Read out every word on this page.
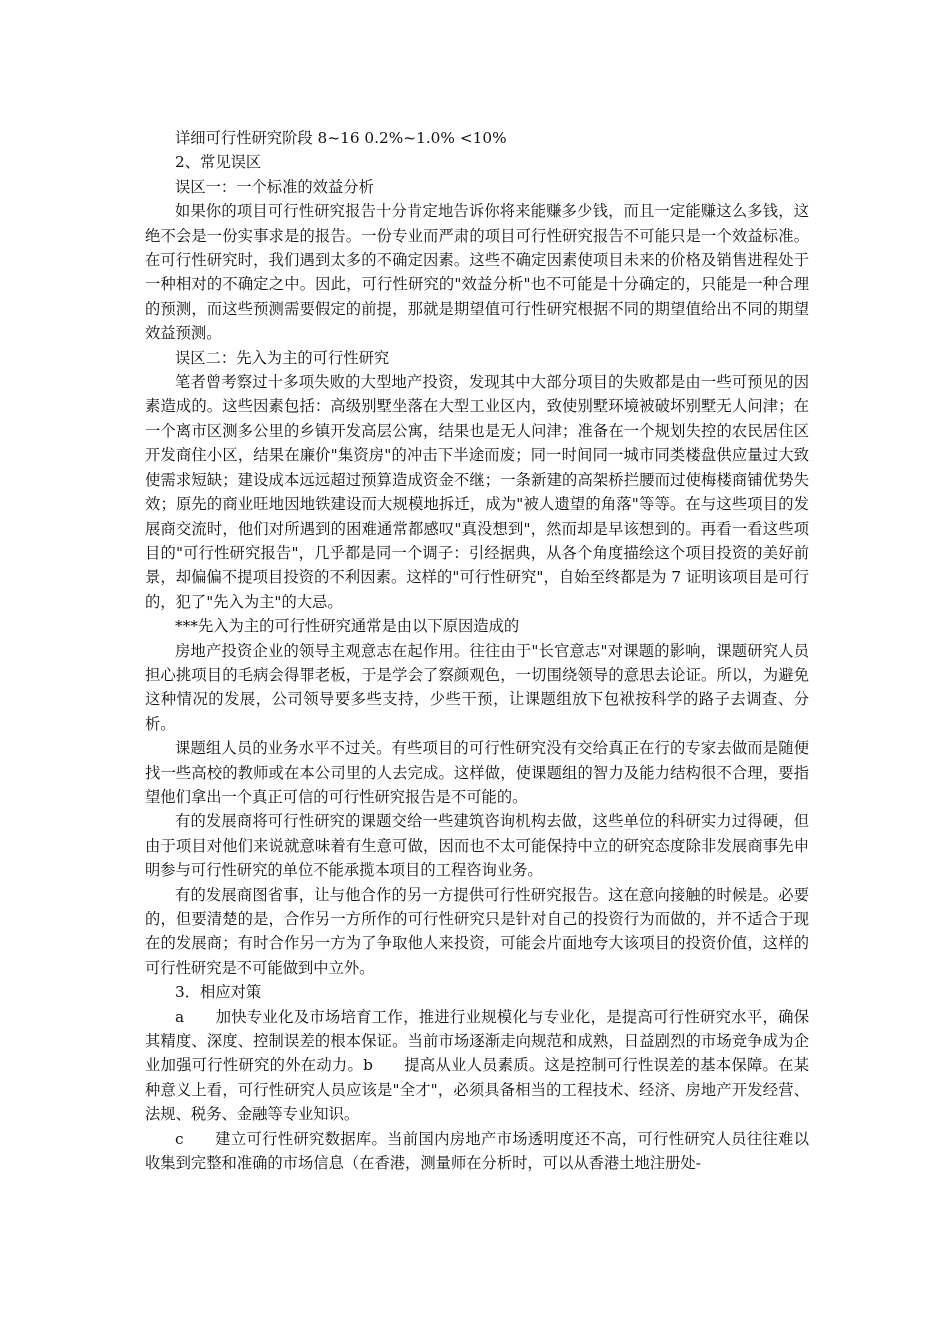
详细可行性研究阶段 8~16 0.2%~1.0% <10%

2、常见误区

误区一：一个标准的效益分析

如果你的项目可行性研究报告十分肯定地告诉你将来能赚多少钱，而且一定能赚这么多钱，这绝不会是一份实事求是的报告。一份专业而严肃的项目可行性研究报告不可能只是一个效益标准。在可行性研究时，我们遇到太多的不确定因素。这些不确定因素使项目未来的价格及销售进程处于一种相对的不确定之中。因此，可行性研究的"效益分析"也不可能是十分确定的，只能是一种合理的预测，而这些预测需要假定的前提，那就是期望值可行性研究根据不同的期望值给出不同的期望效益预测。

误区二：先入为主的可行性研究

笔者曾考察过十多项失败的大型地产投资，发现其中大部分项目的失败都是由一些可预见的因素造成的。这些因素包括：高级别墅坐落在大型工业区内，致使别墅环境被破坏别墅无人问津；在一个离市区测多公里的乡镇开发高层公寓，结果也是无人问津；准备在一个规划失控的农民居住区开发商住小区，结果在廉价"集资房"的冲击下半途而废；同一时间同一城市同类楼盘供应量过大致使需求短缺；建设成本远远超过预算造成资金不继；一条新建的高架桥拦腰而过使梅楼商铺优势失效；原先的商业旺地因地铁建设而大规模地拆迁，成为"被人遗望的角落"等等。在与这些项目的发展商交流时，他们对所遇到的困难通常都感叹"真没想到"，然而却是早该想到的。再看一看这些项目的"可行性研究报告"，几乎都是同一个调子：引经据典，从各个角度描绘这个项目投资的美好前景，却偏偏不提项目投资的不利因素。这样的"可行性研究"，自始至终都是为 7 证明该项目是可行的，犯了"先入为主"的大忌。

***先入为主的可行性研究通常是由以下原因造成的

房地产投资企业的领导主观意志在起作用。往往由于"长官意志"对课题的影响，课题研究人员担心挑项目的毛病会得罪老板，于是学会了察颜观色，一切围绕领导的意思去论证。所以，为避免这种情况的发展，公司领导要多些支持，少些干预，让课题组放下包袱按科学的路子去调查、分析。

课题组人员的业务水平不过关。有些项目的可行性研究没有交给真正在行的专家去做而是随便找一些高校的教师或在本公司里的人去完成。这样做，使课题组的智力及能力结构很不合理，要指望他们拿出一个真正可信的可行性研究报告是不可能的。

有的发展商将可行性研究的课题交给一些建筑咨询机构去做，这些单位的科研实力过得硬，但由于项目对他们来说就意味着有生意可做，因而也不太可能保持中立的研究态度除非发展商事先申明参与可行性研究的单位不能承揽本项目的工程咨询业务。

有的发展商图省事，让与他合作的另一方提供可行性研究报告。这在意向接触的时候是。必要的，但要清楚的是，合作另一方所作的可行性研究只是针对自己的投资行为而做的，并不适合于现在的发展商；有时合作另一方为了争取他人来投资，可能会片面地夸大该项目的投资价值，这样的可行性研究是不可能做到中立外。

3．相应对策

a　　加快专业化及市场培育工作，推进行业规模化与专业化，是提高可行性研究水平，确保其精度、深度、控制误差的根本保证。当前市场逐渐走向规范和成熟，日益剧烈的市场竞争成为企业加强可行性研究的外在动力。b　　提高从业人员素质。这是控制可行性误差的基本保障。在某种意义上看，可行性研究人员应该是"全才"，必须具备相当的工程技术、经济、房地产开发经营、法规、税务、金融等专业知识。

c　　建立可行性研究数据库。当前国内房地产市场透明度还不高，可行性研究人员往往难以收集到完整和准确的市场信息（在香港，测量师在分析时，可以从香港土地注册处-
